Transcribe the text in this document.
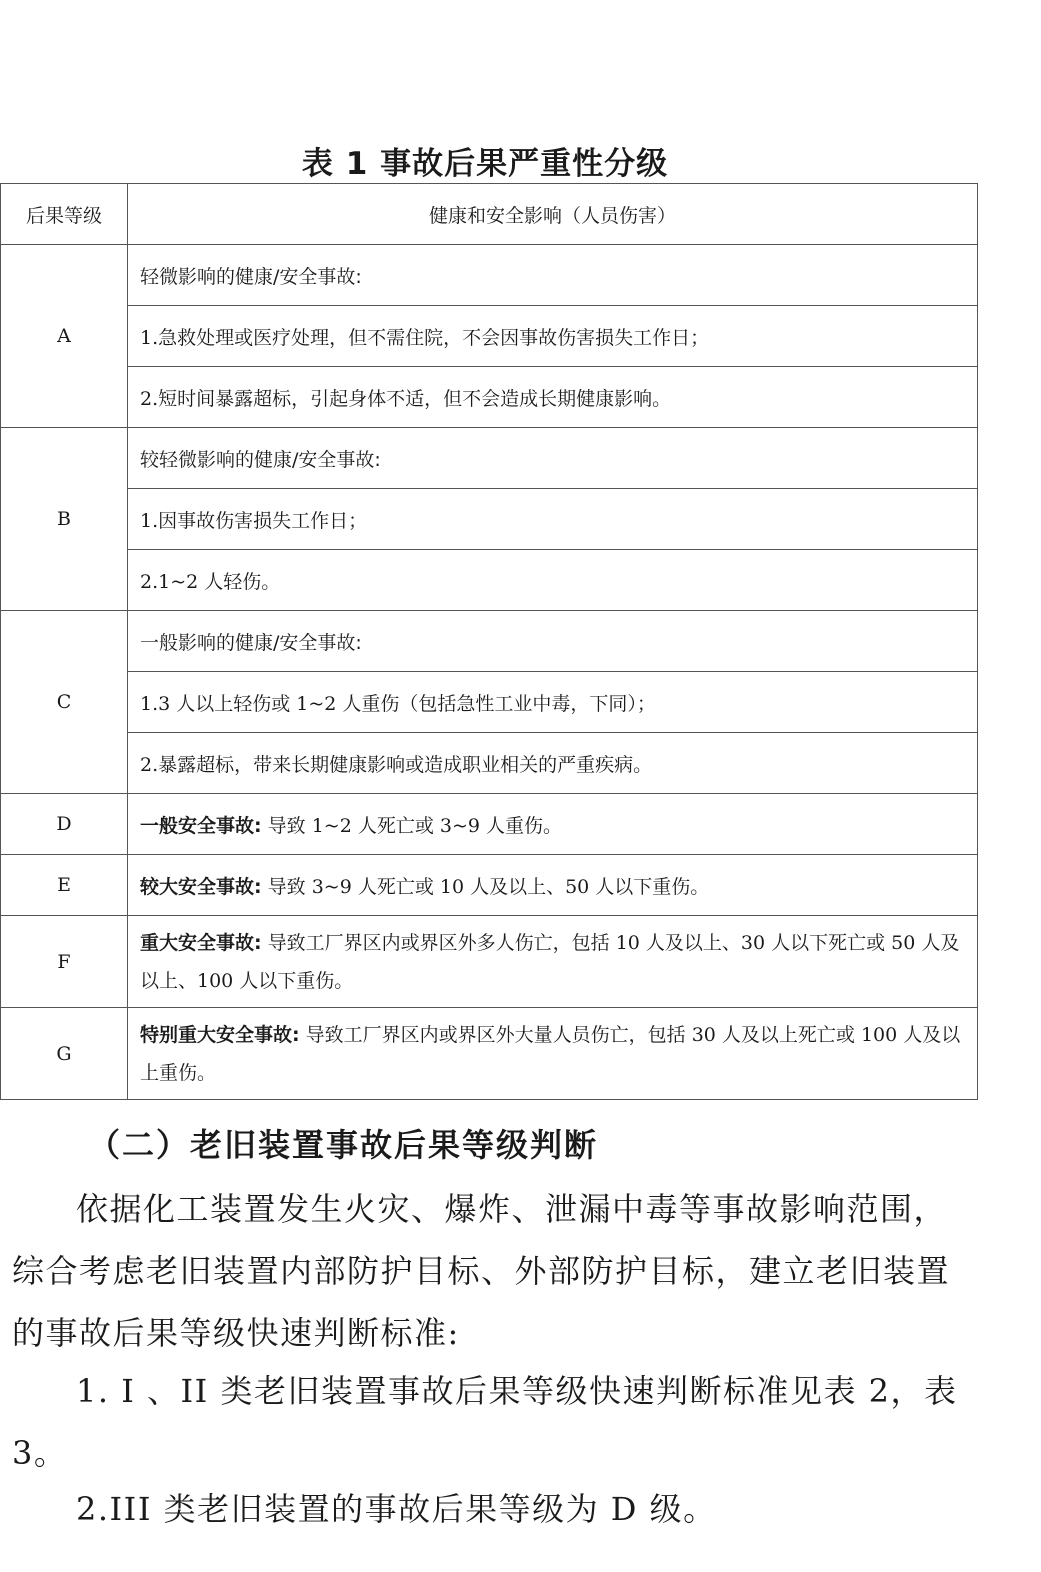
表 1 事故后果严重性分级
后果等级	健康和安全影响（人员伤害）
A	轻微影响的健康/安全事故:
	1.急救处理或医疗处理，但不需住院，不会因事故伤害损失工作日；
	2.短时间暴露超标，引起身体不适，但不会造成长期健康影响。
B	较轻微影响的健康/安全事故:
	1.因事故伤害损失工作日；
	2.1~2 人轻伤。
C	一般影响的健康/安全事故:
	1.3 人以上轻伤或 1~2 人重伤（包括急性工业中毒，下同）；
	2.暴露超标，带来长期健康影响或造成职业相关的严重疾病。
D	一般安全事故: 导致 1~2 人死亡或 3~9 人重伤。
E	较大安全事故: 导致 3~9 人死亡或 10 人及以上、50 人以下重伤。
F	重大安全事故: 导致工厂界区内或界区外多人伤亡，包括 10 人及以上、30 人以下死亡或 50 人及以上、100 人以下重伤。
G	特别重大安全事故: 导致工厂界区内或界区外大量人员伤亡，包括 30 人及以上死亡或 100 人及以上重伤。
（二）老旧装置事故后果等级判断
依据化工装置发生火灾、爆炸、泄漏中毒等事故影响范围，综合考虑老旧装置内部防护目标、外部防护目标，建立老旧装置的事故后果等级快速判断标准:
1. I 、II 类老旧装置事故后果等级快速判断标准见表 2，表 3。
2.III 类老旧装置的事故后果等级为 D 级。
